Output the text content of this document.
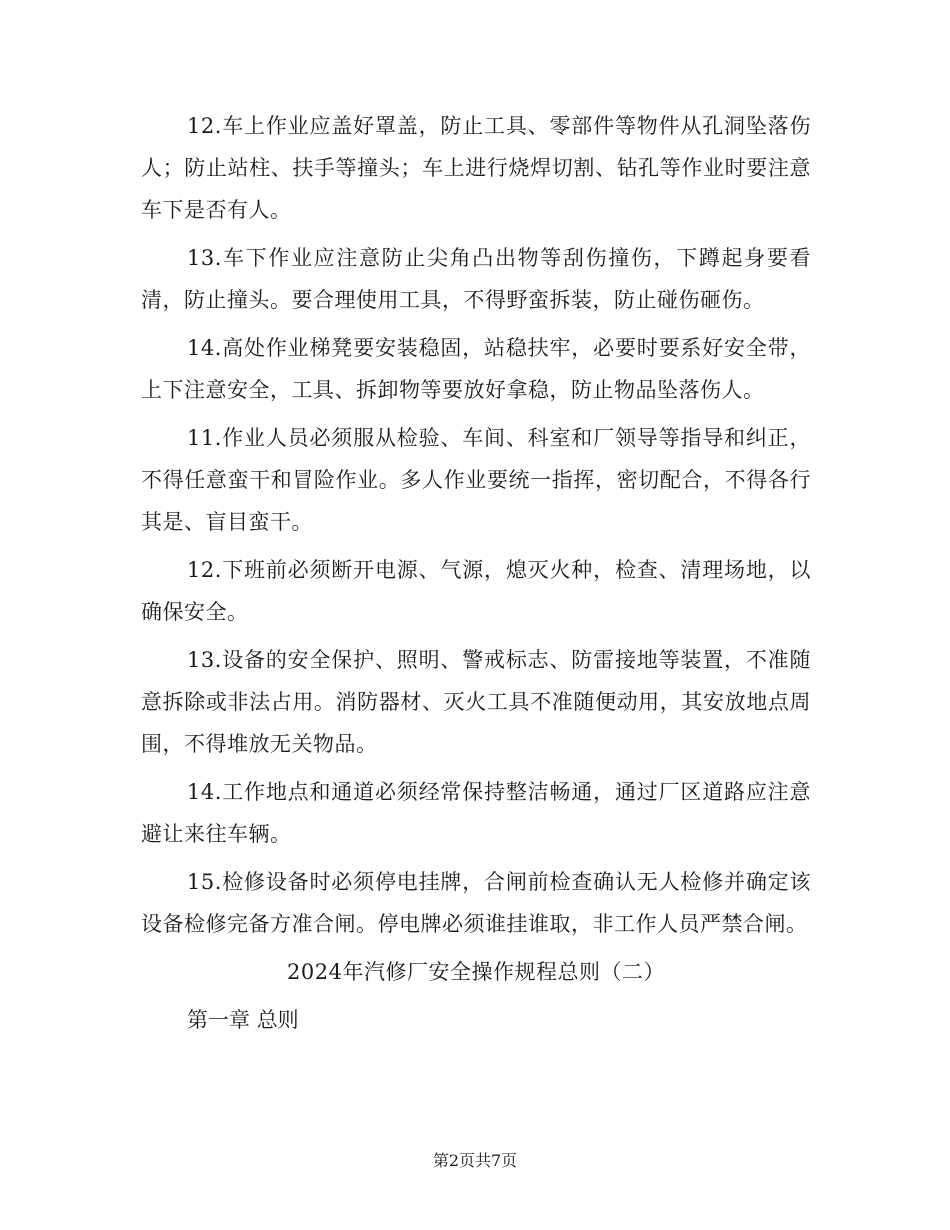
12.车上作业应盖好罩盖，防止工具、零部件等物件从孔洞坠落伤人；防止站柱、扶手等撞头；车上进行烧焊切割、钻孔等作业时要注意车下是否有人。

13.车下作业应注意防止尖角凸出物等刮伤撞伤，下蹲起身要看清，防止撞头。要合理使用工具，不得野蛮拆装，防止碰伤砸伤。

14.高处作业梯凳要安装稳固，站稳扶牢，必要时要系好安全带，上下注意安全，工具、拆卸物等要放好拿稳，防止物品坠落伤人。

11.作业人员必须服从检验、车间、科室和厂领导等指导和纠正，不得任意蛮干和冒险作业。多人作业要统一指挥，密切配合，不得各行其是、盲目蛮干。

12.下班前必须断开电源、气源，熄灭火种，检查、清理场地，以确保安全。

13.设备的安全保护、照明、警戒标志、防雷接地等装置，不准随意拆除或非法占用。消防器材、灭火工具不准随便动用，其安放地点周围，不得堆放无关物品。

14.工作地点和通道必须经常保持整洁畅通，通过厂区道路应注意避让来往车辆。

15.检修设备时必须停电挂牌，合闸前检查确认无人检修并确定该设备检修完备方准合闸。停电牌必须谁挂谁取，非工作人员严禁合闸。

2024年汽修厂安全操作规程总则（二）
第一章 总则
第2页共7页
